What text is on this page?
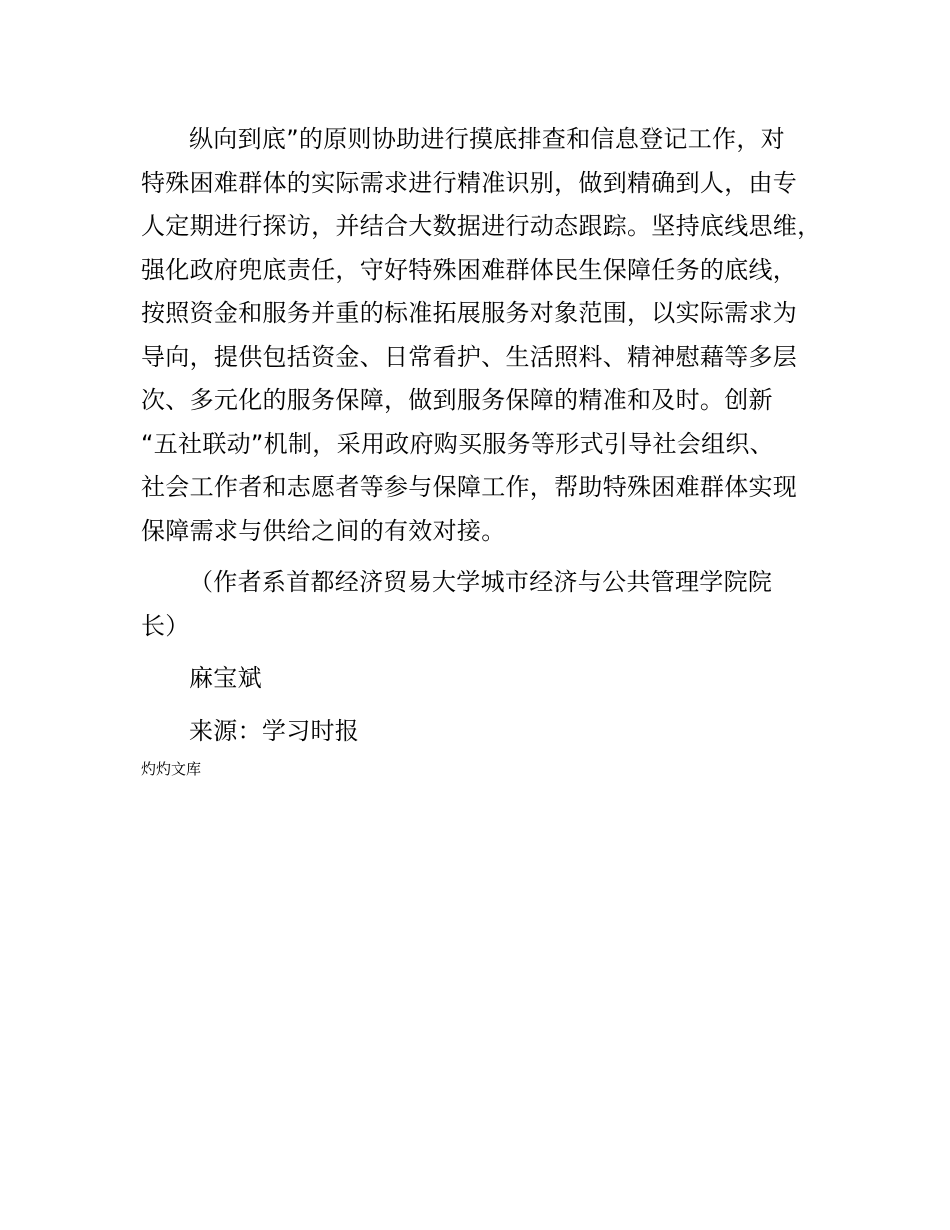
纵向到底”的原则协助进行摸底排查和信息登记工作，对
特殊困难群体的实际需求进行精准识别，做到精确到人，由专
人定期进行探访，并结合大数据进行动态跟踪。坚持底线思维，
强化政府兜底责任，守好特殊困难群体民生保障任务的底线，
按照资金和服务并重的标准拓展服务对象范围，以实际需求为
导向，提供包括资金、日常看护、生活照料、精神慰藉等多层
次、多元化的服务保障，做到服务保障的精准和及时。创新
“五社联动”机制，采用政府购买服务等形式引导社会组织、
社会工作者和志愿者等参与保障工作，帮助特殊困难群体实现
保障需求与供给之间的有效对接。
（作者系首都经济贸易大学城市经济与公共管理学院院
长）
麻宝斌
来源：学习时报
灼灼文库
